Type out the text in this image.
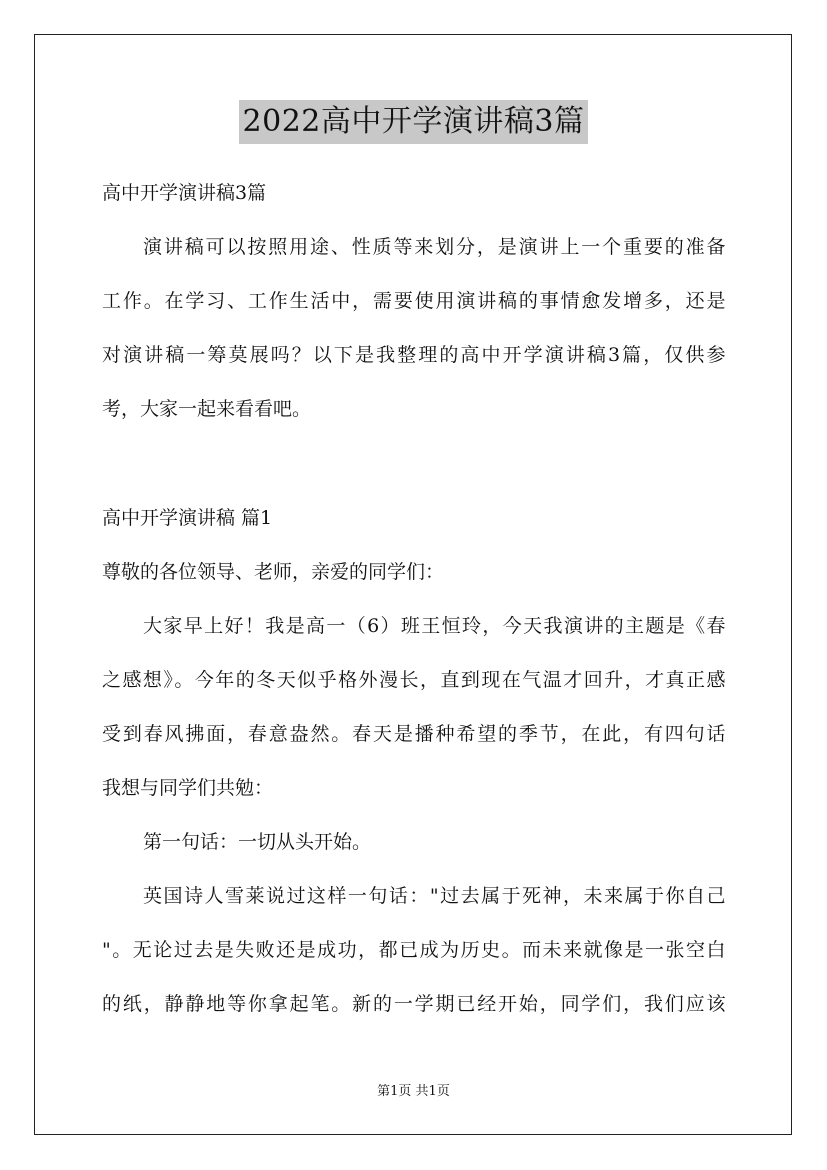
2022高中开学演讲稿3篇
高中开学演讲稿3篇
演讲稿可以按照用途、性质等来划分，是演讲上一个重要的准备
工作。在学习、工作生活中，需要使用演讲稿的事情愈发增多，还是
对演讲稿一筹莫展吗？以下是我整理的高中开学演讲稿3篇，仅供参
考，大家一起来看看吧。
高中开学演讲稿 篇1
尊敬的各位领导、老师，亲爱的同学们：
大家早上好！我是高一（6）班王恒玲，今天我演讲的主题是《春
之感想》。今年的冬天似乎格外漫长，直到现在气温才回升，才真正感
受到春风拂面，春意盎然。春天是播种希望的季节，在此，有四句话
我想与同学们共勉：
第一句话：一切从头开始。
英国诗人雪莱说过这样一句话："过去属于死神，未来属于你自己
"。无论过去是失败还是成功，都已成为历史。而未来就像是一张空白
的纸，静静地等你拿起笔。新的一学期已经开始，同学们，我们应该
第1页 共1页
